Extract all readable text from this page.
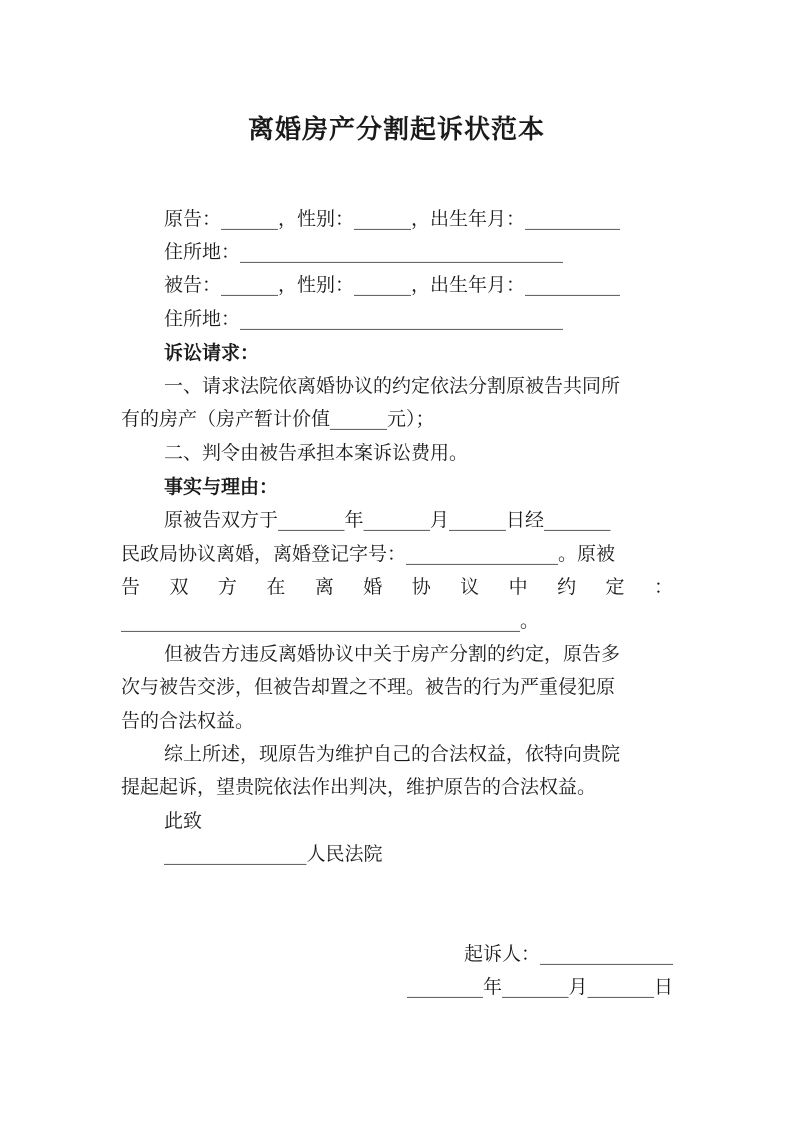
离婚房产分割起诉状范本
原告：______，性别：______，出生年月：__________
住所地：__________________________________
被告：______，性别：______，出生年月：__________
住所地：__________________________________
诉讼请求：
一、请求法院依离婚协议的约定依法分割原被告共同所
有的房产（房产暂计价值______元）；
二、判令由被告承担本案诉讼费用。
事实与理由：
原被告双方于_______年_______月______日经_______
民政局协议离婚，离婚登记字号：________________。原被
告 双 方 在 离 婚 协 议 中 约 定 ：
__________________________________________。
但被告方违反离婚协议中关于房产分割的约定，原告多
次与被告交涉，但被告却置之不理。被告的行为严重侵犯原
告的合法权益。
综上所述，现原告为维护自己的合法权益，依特向贵院
提起起诉，望贵院依法作出判决，维护原告的合法权益。
此致
_______________人民法院
起诉人：______________
________年_______月_______日
